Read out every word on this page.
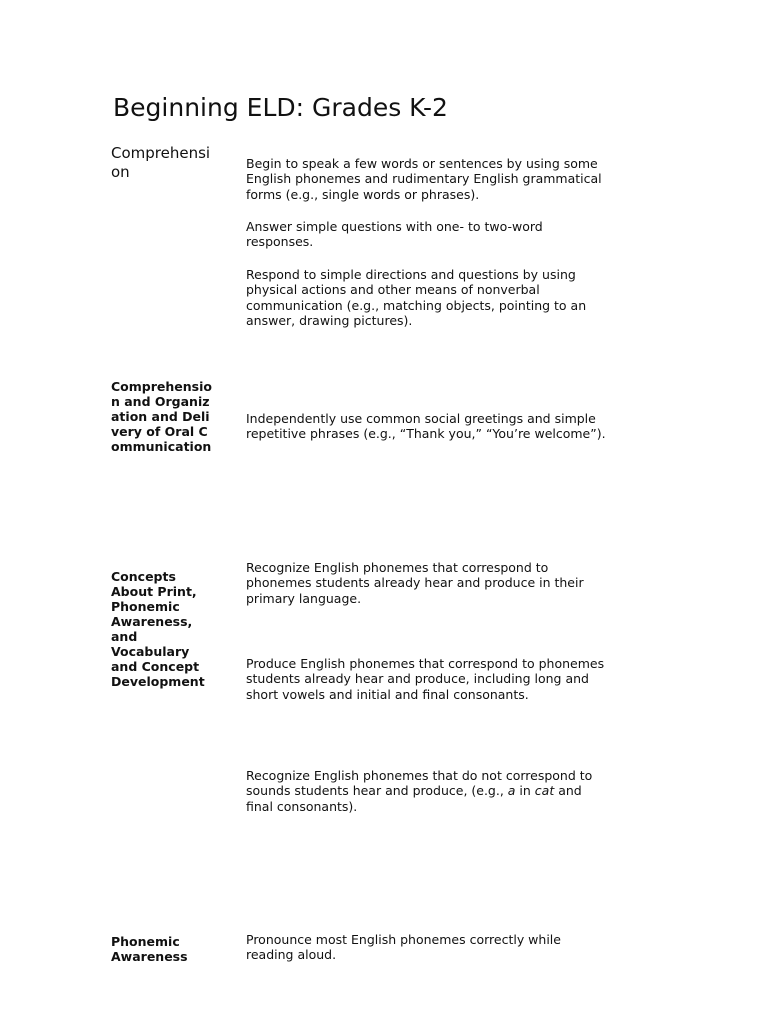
Beginning ELD: Grades K-2
Comprehension	Begin to speak a few words or sentences by using some English phonemes and rudimentary English grammatical forms (e.g., single words or phrases).
Answer simple questions with one- to two-word responses.
Respond to simple directions and questions by using physical actions and other means of nonverbal communication (e.g., matching objects, pointing to an answer, drawing pictures).
Comprehension and Organization and Delivery of Oral Communication
Independently use common social greetings and simple repetitive phrases (e.g., “Thank you,” “You’re welcome”).
Concepts About Print, Phonemic Awareness, and Vocabulary and Concept Development
Recognize English phonemes that correspond to phonemes students already hear and produce in their primary language.
Produce English phonemes that correspond to phonemes students already hear and produce, including long and short vowels and initial and final consonants.
Recognize English phonemes that do not correspond to sounds students hear and produce, (e.g., a in cat and final consonants).
Phonemic Awareness
Pronounce most English phonemes correctly while reading aloud.
